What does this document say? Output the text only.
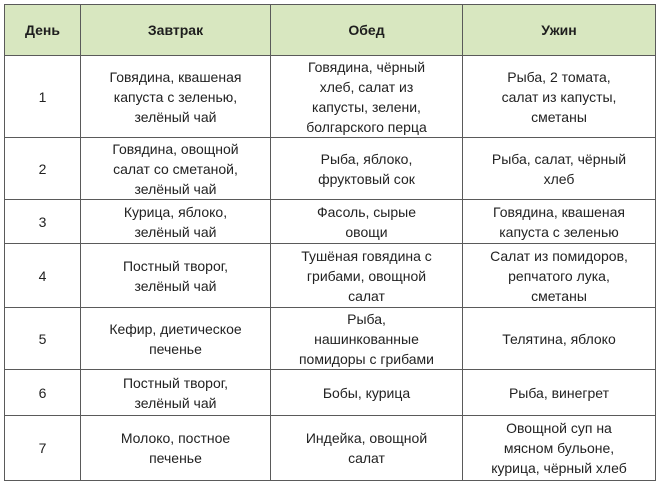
День	Завтрак	Обед	Ужин
1	Говядина, квашеная
капуста с зеленью,
зелёный чай	Говядина, чёрный
хлеб, салат из
капусты, зелени,
болгарского перца	Рыба, 2 томата,
салат из капусты,
сметаны
2	Говядина, овощной
салат со сметаной,
зелёный чай	Рыба, яблоко,
фруктовый сок	Рыба, салат, чёрный
хлеб
3	Курица, яблоко,
зелёный чай	Фасоль, сырые
овощи	Говядина, квашеная
капуста с зеленью
4	Постный творог,
зелёный чай	Тушёная говядина с
грибами, овощной
салат	Салат из помидоров,
репчатого лука,
сметаны
5	Кефир, диетическое
печенье	Рыба,
нашинкованные
помидоры с грибами	Телятина, яблоко
6	Постный творог,
зелёный чай	Бобы, курица	Рыба, винегрет
7	Молоко, постное
печенье	Индейка, овощной
салат	Овощной суп на
мясном бульоне,
курица, чёрный хлеб
